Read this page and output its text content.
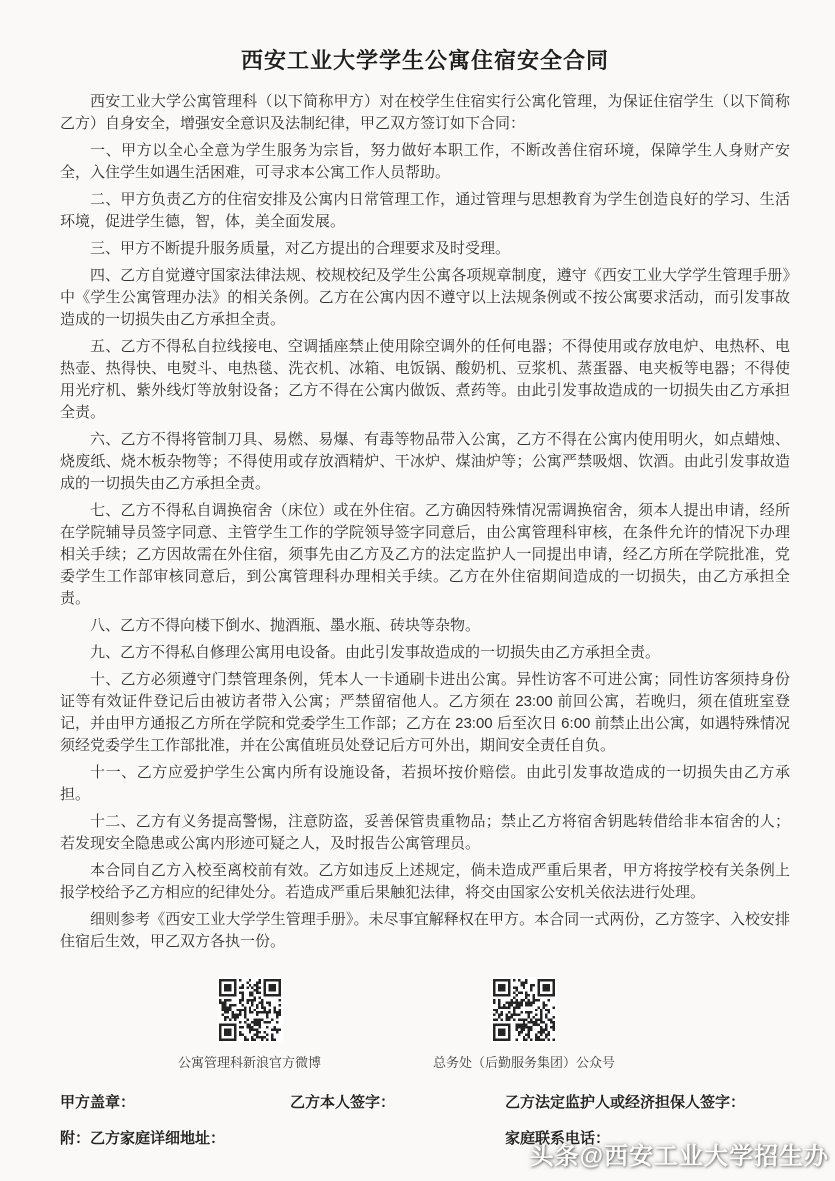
西安工业大学学生公寓住宿安全合同

西安工业大学公寓管理科（以下简称甲方）对在校学生住宿实行公寓化管理，为保证住宿学生（以下简称乙方）自身安全，增强安全意识及法制纪律，甲乙双方签订如下合同：

一、甲方以全心全意为学生服务为宗旨，努力做好本职工作，不断改善住宿环境，保障学生人身财产安全，入住学生如遇生活困难，可寻求本公寓工作人员帮助。

二、甲方负责乙方的住宿安排及公寓内日常管理工作，通过管理与思想教育为学生创造良好的学习、生活环境，促进学生德，智，体，美全面发展。

三、甲方不断提升服务质量，对乙方提出的合理要求及时受理。

四、乙方自觉遵守国家法律法规、校规校纪及学生公寓各项规章制度，遵守《西安工业大学学生管理手册》中《学生公寓管理办法》的相关条例。乙方在公寓内因不遵守以上法规条例或不按公寓要求活动，而引发事故造成的一切损失由乙方承担全责。

五、乙方不得私自拉线接电、空调插座禁止使用除空调外的任何电器；不得使用或存放电炉、电热杯、电热壶、热得快、电熨斗、电热毯、洗衣机、冰箱、电饭锅、酸奶机、豆浆机、蒸蛋器、电夹板等电器；不得使用光疗机、紫外线灯等放射设备；乙方不得在公寓内做饭、煮药等。由此引发事故造成的一切损失由乙方承担全责。

六、乙方不得将管制刀具、易燃、易爆、有毒等物品带入公寓，乙方不得在公寓内使用明火，如点蜡烛、烧废纸、烧木板杂物等；不得使用或存放酒精炉、干冰炉、煤油炉等；公寓严禁吸烟、饮酒。由此引发事故造成的一切损失由乙方承担全责。

七、乙方不得私自调换宿舍（床位）或在外住宿。乙方确因特殊情况需调换宿舍，须本人提出申请，经所在学院辅导员签字同意、主管学生工作的学院领导签字同意后，由公寓管理科审核，在条件允许的情况下办理相关手续；乙方因故需在外住宿，须事先由乙方及乙方的法定监护人一同提出申请，经乙方所在学院批准，党委学生工作部审核同意后，到公寓管理科办理相关手续。乙方在外住宿期间造成的一切损失，由乙方承担全责。

八、乙方不得向楼下倒水、抛酒瓶、墨水瓶、砖块等杂物。

九、乙方不得私自修理公寓用电设备。由此引发事故造成的一切损失由乙方承担全责。

十、乙方必须遵守门禁管理条例，凭本人一卡通刷卡进出公寓。异性访客不可进公寓；同性访客须持身份证等有效证件登记后由被访者带入公寓；严禁留宿他人。乙方须在 23:00 前回公寓，若晚归，须在值班室登记，并由甲方通报乙方所在学院和党委学生工作部；乙方在 23:00 后至次日 6:00 前禁止出公寓，如遇特殊情况须经党委学生工作部批准，并在公寓值班员处登记后方可外出，期间安全责任自负。

十一、乙方应爱护学生公寓内所有设施设备，若损坏按价赔偿。由此引发事故造成的一切损失由乙方承担。

十二、乙方有义务提高警惕，注意防盗，妥善保管贵重物品；禁止乙方将宿舍钥匙转借给非本宿舍的人；若发现安全隐患或公寓内形迹可疑之人，及时报告公寓管理员。

本合同自乙方入校至离校前有效。乙方如违反上述规定，倘未造成严重后果者，甲方将按学校有关条例上报学校给予乙方相应的纪律处分。若造成严重后果触犯法律，将交由国家公安机关依法进行处理。

细则参考《西安工业大学学生管理手册》。未尽事宜解释权在甲方。本合同一式两份，乙方签字、入校安排住宿后生效，甲乙双方各执一份。

公寓管理科新浪官方微博	总务处（后勤服务集团）公众号
甲方盖章：	乙方本人签字：	乙方法定监护人或经济担保人签字：
附：乙方家庭详细地址：	家庭联系电话：
头条@西安工业大学招生办
